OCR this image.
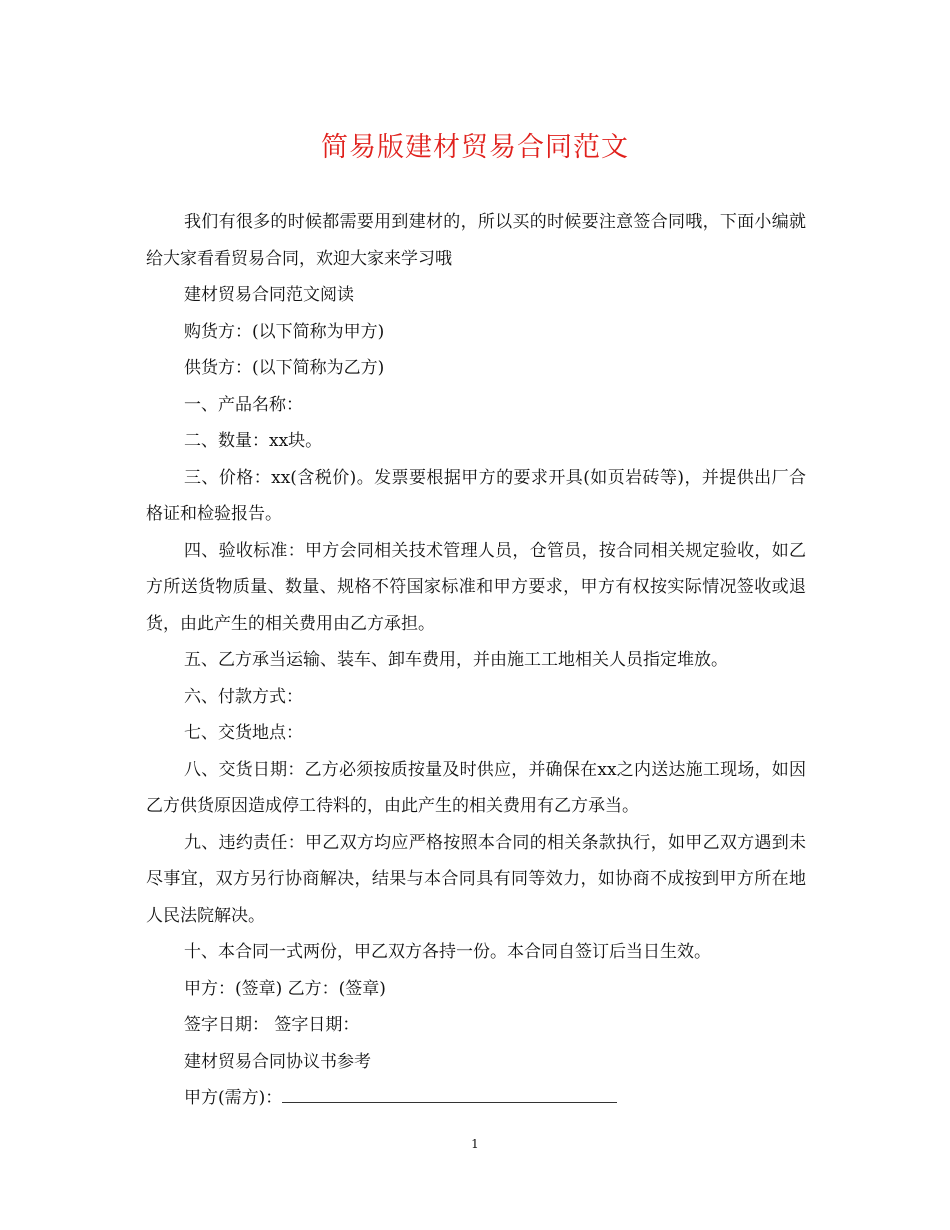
简易版建材贸易合同范文

我们有很多的时候都需要用到建材的，所以买的时候要注意签合同哦，下面小编就给大家看看贸易合同，欢迎大家来学习哦

建材贸易合同范文阅读

购货方：(以下简称为甲方)

供货方：(以下简称为乙方)

一、产品名称：

二、数量：xx块。

三、价格：xx(含税价)。发票要根据甲方的要求开具(如页岩砖等)，并提供出厂合格证和检验报告。

四、验收标准：甲方会同相关技术管理人员，仓管员，按合同相关规定验收，如乙方所送货物质量、数量、规格不符国家标准和甲方要求，甲方有权按实际情况签收或退货，由此产生的相关费用由乙方承担。

五、乙方承当运输、装车、卸车费用，并由施工工地相关人员指定堆放。

六、付款方式：

七、交货地点：

八、交货日期：乙方必须按质按量及时供应，并确保在xx之内送达施工现场，如因乙方供货原因造成停工待料的，由此产生的相关费用有乙方承当。

九、违约责任：甲乙双方均应严格按照本合同的相关条款执行，如甲乙双方遇到未尽事宜，双方另行协商解决，结果与本合同具有同等效力，如协商不成按到甲方所在地人民法院解决。

十、本合同一式两份，甲乙双方各持一份。本合同自签订后当日生效。

甲方：(签章) 乙方：(签章)

签字日期： 签字日期：

建材贸易合同协议书参考

甲方(需方)：

1
